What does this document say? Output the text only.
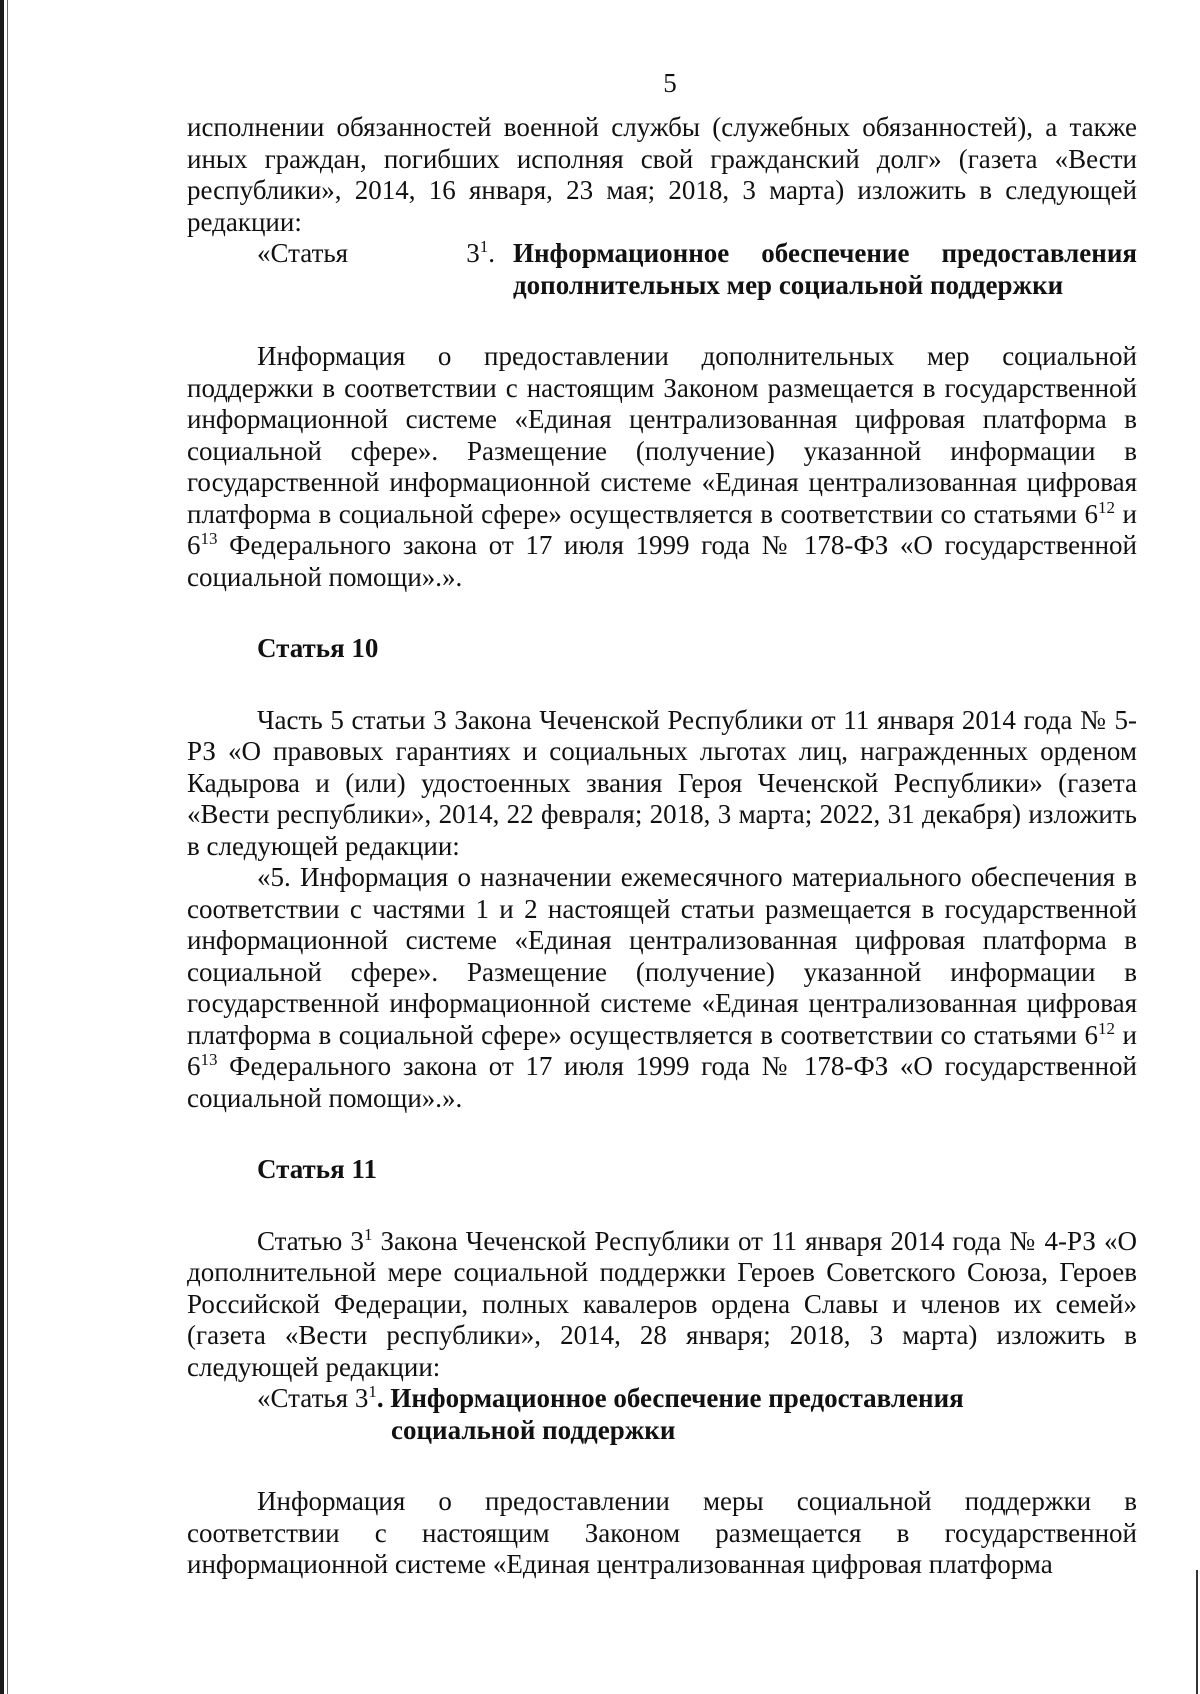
5

исполнении обязанностей военной службы (служебных обязанностей), а также иных граждан, погибших исполняя свой гражданский долг» (газета «Вести республики», 2014, 16 января, 23 мая; 2018, 3 марта) изложить в следующей редакции:

«Статья	$3^1$. Информационное обеспечение предоставления
дополнительных мер социальной поддержки

Информация о предоставлении дополнительных мер социальной поддержки в соответствии с настоящим Законом размещается в государственной информационной системе «Единая централизованная цифровая платформа в социальной сфере». Размещение (получение) указанной информации в государственной информационной системе «Единая централизованная цифровая платформа в социальной сфере» осуществляется в соответствии со статьями $6^{12}$ и $6^{13}$ Федерального закона от 17 июля 1999 года № 178-ФЗ «О государственной социальной помощи».».

Статья 10

Часть 5 статьи 3 Закона Чеченской Республики от 11 января 2014 года № 5-РЗ «О правовых гарантиях и социальных льготах лиц, награжденных орденом Кадырова и (или) удостоенных звания Героя Чеченской Республики» (газета «Вести республики», 2014, 22 февраля; 2018, 3 марта; 2022, 31 декабря) изложить в следующей редакции:

«5. Информация о назначении ежемесячного материального обеспечения в соответствии с частями 1 и 2 настоящей статьи размещается в государственной информационной системе «Единая централизованная цифровая платформа в социальной сфере». Размещение (получение) указанной информации в государственной информационной системе «Единая централизованная цифровая платформа в социальной сфере» осуществляется в соответствии со статьями $6^{12}$ и $6^{13}$ Федерального закона от 17 июля 1999 года № 178-ФЗ «О государственной социальной помощи».».

Статья 11

Статью $3^1$ Закона Чеченской Республики от 11 января 2014 года № 4-РЗ «О дополнительной мере социальной поддержки Героев Советского Союза, Героев Российской Федерации, полных кавалеров ордена Славы и членов их семей» (газета «Вести республики», 2014, 28 января; 2018, 3 марта) изложить в следующей редакции:

«Статья $3^1$. Информационное обеспечение предоставления
социальной поддержки

Информация о предоставлении меры социальной поддержки в соответствии с настоящим Законом размещается в государственной информационной системе «Единая централизованная цифровая платформа
